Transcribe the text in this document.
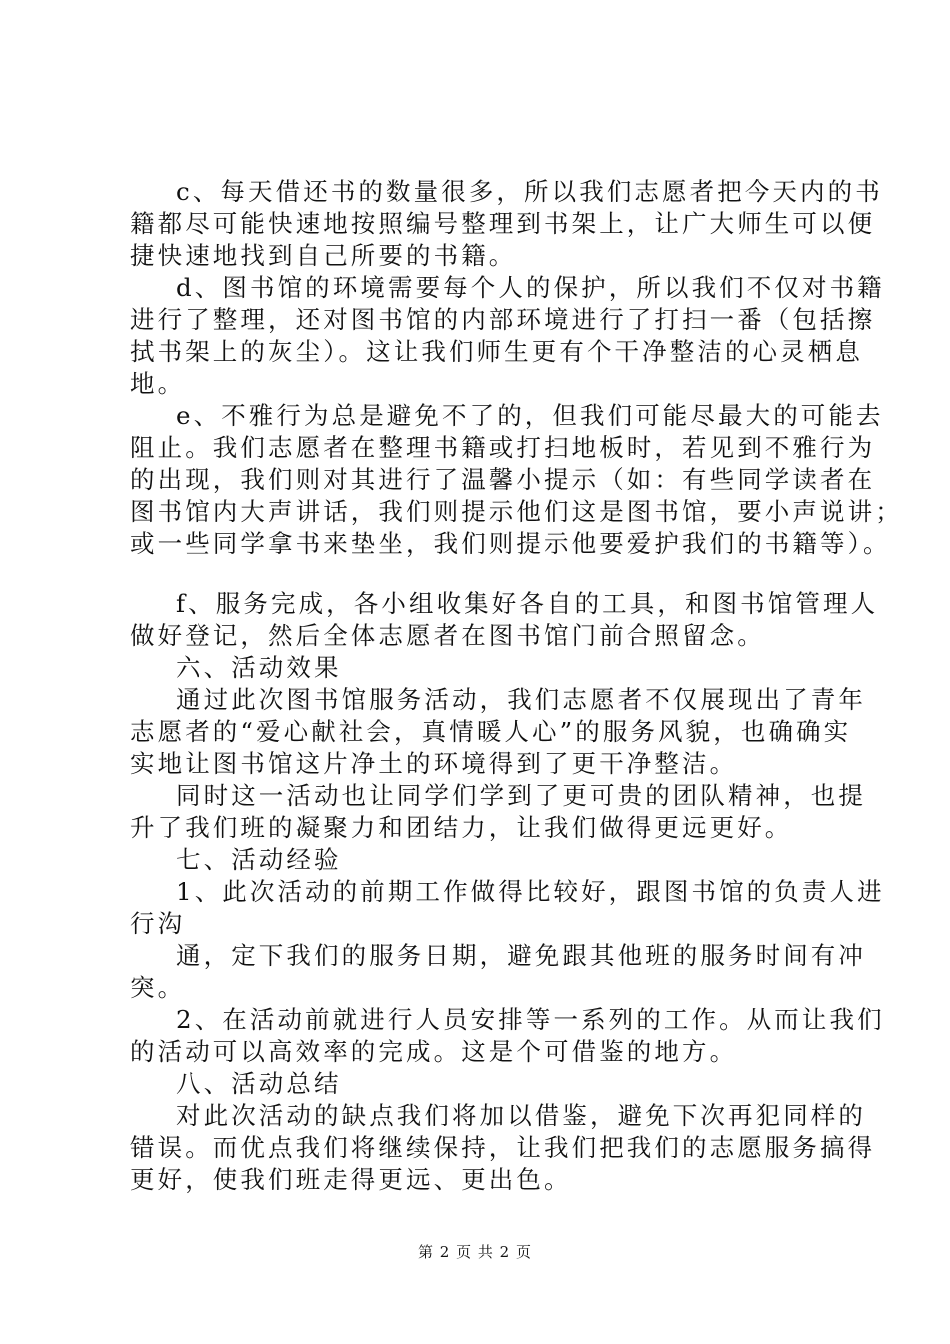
c、每天借还书的数量很多，所以我们志愿者把今天内的书
籍都尽可能快速地按照编号整理到书架上，让广大师生可以便
捷快速地找到自己所要的书籍。
d、图书馆的环境需要每个人的保护，所以我们不仅对书籍
进行了整理，还对图书馆的内部环境进行了打扫一番（包括擦
拭书架上的灰尘）。这让我们师生更有个干净整洁的心灵栖息
地。
e、不雅行为总是避免不了的，但我们可能尽最大的可能去
阻止。我们志愿者在整理书籍或打扫地板时，若见到不雅行为
的出现，我们则对其进行了温馨小提示（如：有些同学读者在
图书馆内大声讲话，我们则提示他们这是图书馆，要小声说讲；
或一些同学拿书来垫坐，我们则提示他要爱护我们的书籍等）。
f、服务完成，各小组收集好各自的工具，和图书馆管理人
做好登记，然后全体志愿者在图书馆门前合照留念。
六、活动效果
通过此次图书馆服务活动，我们志愿者不仅展现出了青年
志愿者的“爱心献社会，真情暖人心”的服务风貌，也确确实
实地让图书馆这片净土的环境得到了更干净整洁。
同时这一活动也让同学们学到了更可贵的团队精神，也提
升了我们班的凝聚力和团结力，让我们做得更远更好。
七、活动经验
1、此次活动的前期工作做得比较好，跟图书馆的负责人进
行沟
通，定下我们的服务日期，避免跟其他班的服务时间有冲
突。
2、在活动前就进行人员安排等一系列的工作。从而让我们
的活动可以高效率的完成。这是个可借鉴的地方。
八、活动总结
对此次活动的缺点我们将加以借鉴，避免下次再犯同样的
错误。而优点我们将继续保持，让我们把我们的志愿服务搞得
更好，使我们班走得更远、更出色。
第 2 页 共 2 页
